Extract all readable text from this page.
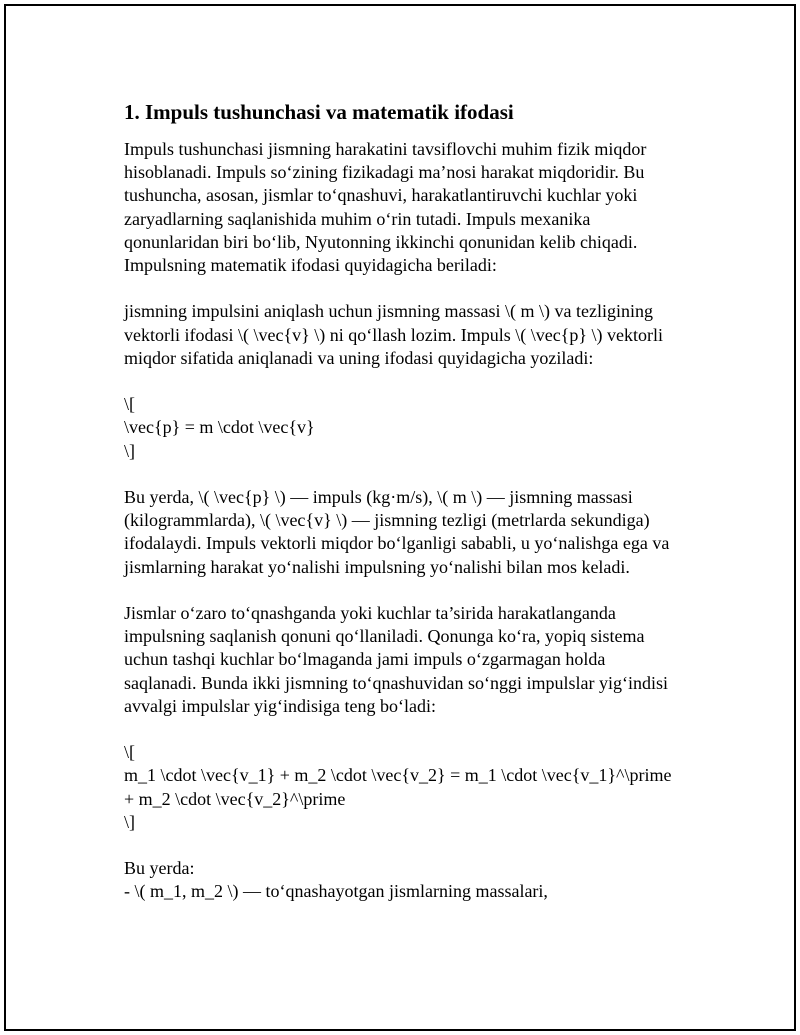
1. Impuls tushunchasi va matematik ifodasi

Impuls tushunchasi jismning harakatini tavsiflovchi muhim fizik miqdor
hisoblanadi. Impuls so‘zining fizikadagi ma’nosi harakat miqdoridir. Bu
tushuncha, asosan, jismlar to‘qnashuvi, harakatlantiruvchi kuchlar yoki
zaryadlarning saqlanishida muhim o‘rin tutadi. Impuls mexanika
qonunlaridan biri bo‘lib, Nyutonning ikkinchi qonunidan kelib chiqadi.
Impulsning matematik ifodasi quyidagicha beriladi:

jismning impulsini aniqlash uchun jismning massasi \( m \) va tezligining
vektorli ifodasi \( \vec{v} \) ni qo‘llash lozim. Impuls \( \vec{p} \) vektorli
miqdor sifatida aniqlanadi va uning ifodasi quyidagicha yoziladi:

\[
\vec{p} = m \cdot \vec{v}
\]

Bu yerda, \( \vec{p} \) — impuls (kg·m/s), \( m \) — jismning massasi
(kilogrammlarda), \( \vec{v} \) — jismning tezligi (metrlarda sekundiga)
ifodalaydi. Impuls vektorli miqdor bo‘lganligi sababli, u yo‘nalishga ega va
jismlarning harakat yo‘nalishi impulsning yo‘nalishi bilan mos keladi.

Jismlar o‘zaro to‘qnashganda yoki kuchlar ta’sirida harakatlanganda
impulsning saqlanish qonuni qo‘llaniladi. Qonunga ko‘ra, yopiq sistema
uchun tashqi kuchlar bo‘lmaganda jami impuls o‘zgarmagan holda
saqlanadi. Bunda ikki jismning to‘qnashuvidan so‘nggi impulslar yig‘indisi
avvalgi impulslar yig‘indisiga teng bo‘ladi:

\[
m_1 \cdot \vec{v_1} + m_2 \cdot \vec{v_2} = m_1 \cdot \vec{v_1}^\prime
+ m_2 \cdot \vec{v_2}^\prime
\]

Bu yerda:
- \( m_1, m_2 \) — to‘qnashayotgan jismlarning massalari,
